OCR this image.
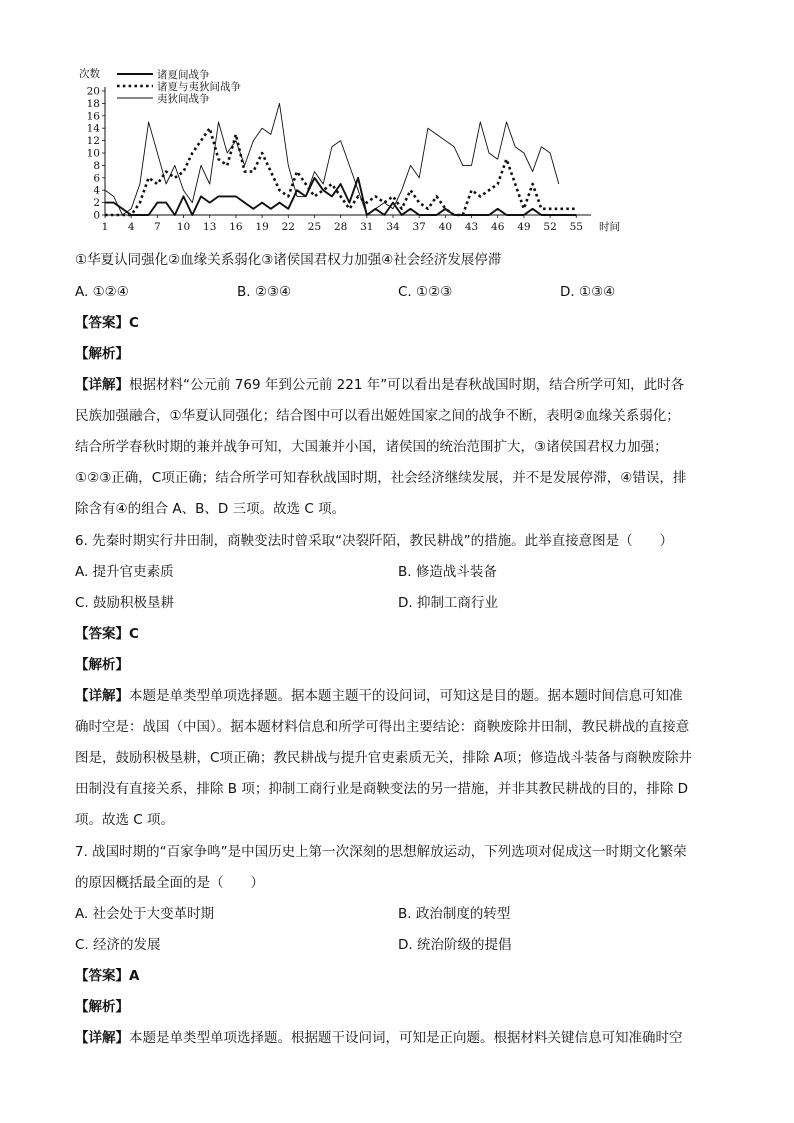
0
2
4
6
8
10
12
14
16
18
20
1 4 7 10 13 16 19 22 25 28 31 34 37 40 43 46 49 52 55
诸夏间战争
诸夏与夷狄间战争
夷狄间战争
次数
时间
①华夏认同强化②血缘关系弱化③诸侯国君权力加强④社会经济发展停滞
A. ①②④	B. ②③④	C. ①②③	D. ①③④
【答案】C
【解析】
【详解】根据材料“公元前 769 年到公元前 221 年”可以看出是春秋战国时期，结合所学可知，此时各
民族加强融合，①华夏认同强化；结合图中可以看出姬姓国家之间的战争不断，表明②血缘关系弱化；
结合所学春秋时期的兼并战争可知，大国兼并小国，诸侯国的统治范围扩大，③诸侯国君权力加强；
①②③正确，C项正确；结合所学可知春秋战国时期，社会经济继续发展，并不是发展停滞，④错误，排
除含有④的组合 A、B、D 三项。故选 C 项。
6. 先秦时期实行井田制，商鞅变法时曾采取“决裂阡陌，教民耕战”的措施。此举直接意图是（　　）
A. 提升官吏素质	B. 修造战斗装备
C. 鼓励积极垦耕	D. 抑制工商行业
【答案】C
【解析】
【详解】本题是单类型单项选择题。据本题主题干的设问词，可知这是目的题。据本题时间信息可知准
确时空是：战国（中国）。据本题材料信息和所学可得出主要结论：商鞅废除井田制，教民耕战的直接意
图是，鼓励积极垦耕，C项正确；教民耕战与提升官吏素质无关，排除 A项；修造战斗装备与商鞅废除井
田制没有直接关系，排除 B 项；抑制工商行业是商鞅变法的另一措施，并非其教民耕战的目的，排除 D
项。故选 C 项。
7. 战国时期的“百家争鸣”是中国历史上第一次深刻的思想解放运动，下列选项对促成这一时期文化繁荣
的原因概括最全面的是（　　）
A. 社会处于大变革时期	B. 政治制度的转型
C. 经济的发展	D. 统治阶级的提倡
【答案】A
【解析】
【详解】本题是单类型单项选择题。根据题干设问词，可知是正向题。根据材料关键信息可知准确时空
